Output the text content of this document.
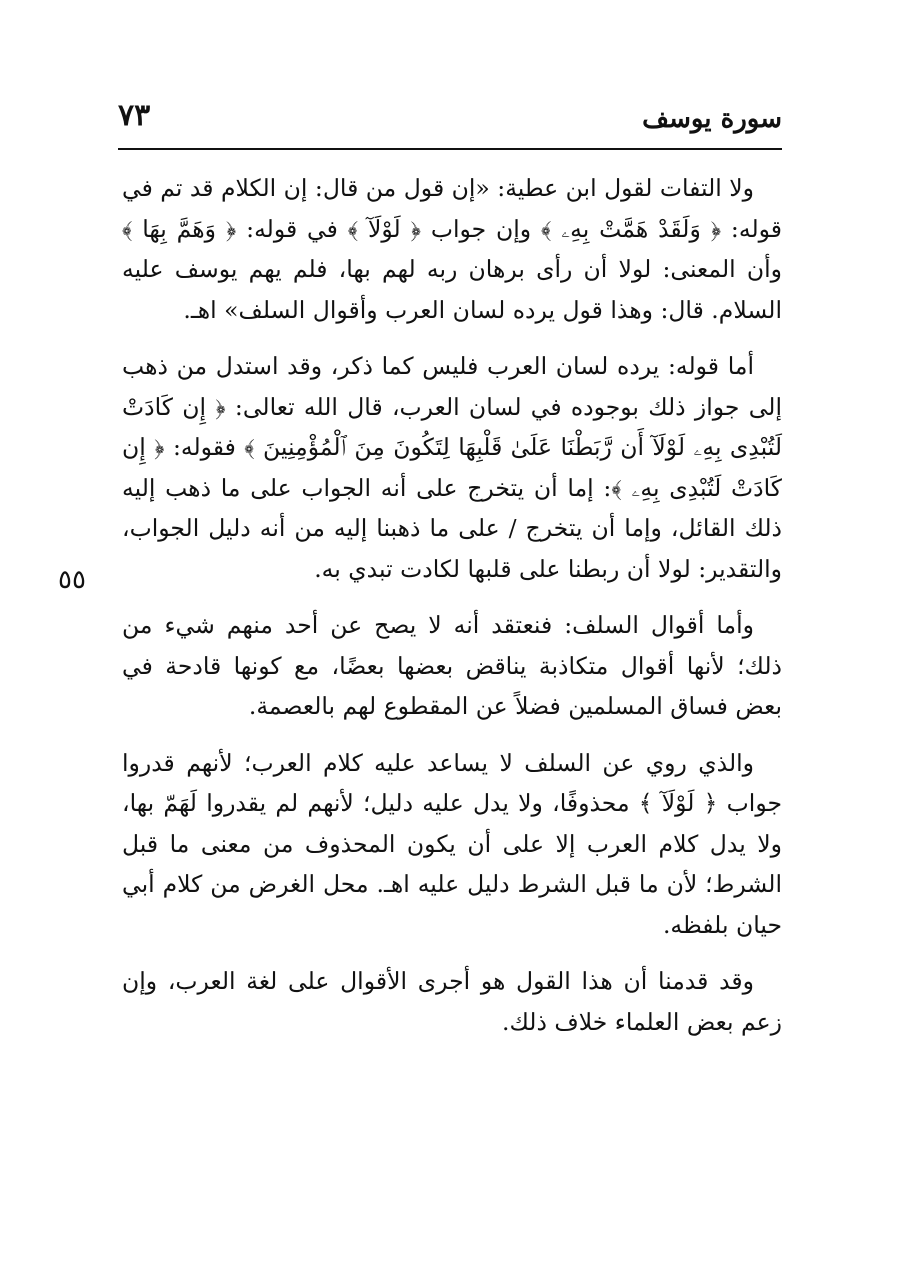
٧٣	سورة يوسف
٥٥

ولا التفات لقول ابن عطية: «إن قول من قال: إن الكلام قد تم في قوله: ﴿ وَلَقَدْ هَمَّتْ بِهِۦ ﴾ وإن جواب ﴿ لَوْلَآ ﴾ في قوله: ﴿ وَهَمَّ بِهَا ﴾ وأن المعنى: لولا أن رأى برهان ربه لهم بها، فلم يهم يوسف عليه السلام. قال: وهذا قول يرده لسان العرب وأقوال السلف» اهـ.

أما قوله: يرده لسان العرب فليس كما ذكر، وقد استدل من ذهب إلى جواز ذلك بوجوده في لسان العرب، قال الله تعالى: ﴿ إِن كَادَتْ لَتُبْدِى بِهِۦ لَوْلَآ أَن رَّبَطْنَا عَلَىٰ قَلْبِهَا لِتَكُونَ مِنَ ٱلْمُؤْمِنِينَ ﴾ فقوله: ﴿ إِن كَادَتْ لَتُبْدِى بِهِۦ ﴾: إما أن يتخرج على أنه الجواب على ما ذهب إليه ذلك القائل، وإما أن يتخرج / على ما ذهبنا إليه من أنه دليل الجواب، والتقدير: لولا أن ربطنا على قلبها لكادت تبدي به.

وأما أقوال السلف: فنعتقد أنه لا يصح عن أحد منهم شيء من ذلك؛ لأنها أقوال متكاذبة يناقض بعضها بعضًا، مع كونها قادحة في بعض فساق المسلمين فضلاً عن المقطوع لهم بالعصمة.

والذي روي عن السلف لا يساعد عليه كلام العرب؛ لأنهم قدروا جواب ﴿ لَوْلَآ ﴾ محذوفًا، ولا يدل عليه دليل؛ لأنهم لم يقدروا لَهَمّ بها، ولا يدل كلام العرب إلا على أن يكون المحذوف من معنى ما قبل الشرط؛ لأن ما قبل الشرط دليل عليه اهـ. محل الغرض من كلام أبي حيان بلفظه.

وقد قدمنا أن هذا القول هو أجرى الأقوال على لغة العرب، وإن زعم بعض العلماء خلاف ذلك.
